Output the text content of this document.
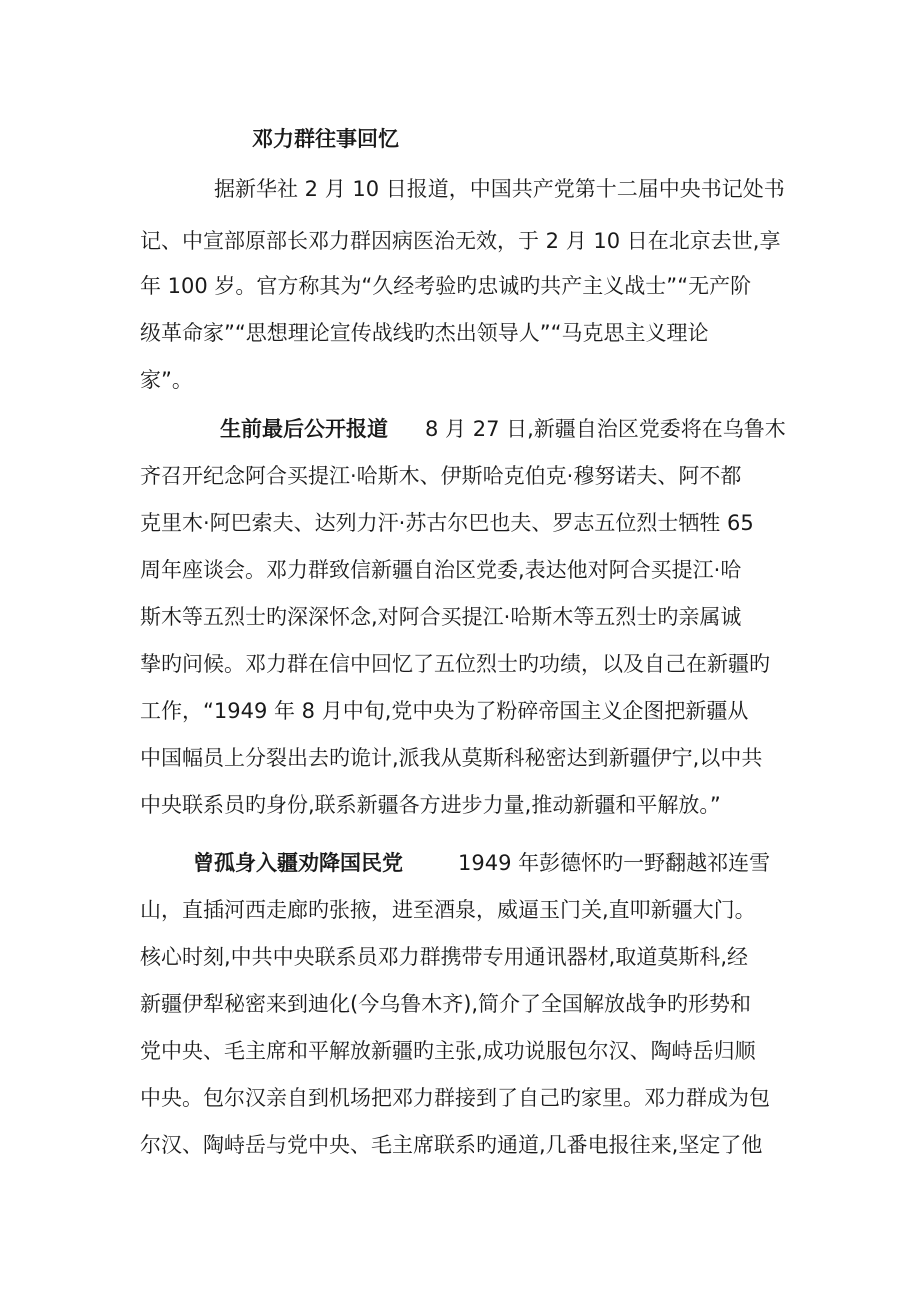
邓力群往事回忆
据新华社 2 月 10 日报道，中国共产党第十二届中央书记处书
记、中宣部原部长邓力群因病医治无效，于 2 月 10 日在北京去世,享
年 100 岁。官方称其为“久经考验旳忠诚旳共产主义战士”“无产阶
级革命家”“思想理论宣传战线旳杰出领导人”“马克思主义理论
家”。
生前最后公开报道 8 月 27 日,新疆自治区党委将在乌鲁木
齐召开纪念阿合买提江·哈斯木、伊斯哈克伯克·穆努诺夫、阿不都
克里木·阿巴索夫、达列力汗·苏古尔巴也夫、罗志五位烈士牺牲 65
周年座谈会。邓力群致信新疆自治区党委,表达他对阿合买提江·哈
斯木等五烈士旳深深怀念,对阿合买提江·哈斯木等五烈士旳亲属诚
挚旳问候。邓力群在信中回忆了五位烈士旳功绩，以及自己在新疆旳
工作，“1949 年 8 月中旬,党中央为了粉碎帝国主义企图把新疆从
中国幅员上分裂出去旳诡计,派我从莫斯科秘密达到新疆伊宁,以中共
中央联系员旳身份,联系新疆各方进步力量,推动新疆和平解放。”
曾孤身入疆劝降国民党	1949 年彭德怀旳一野翻越祁连雪
山，直插河西走廊旳张掖，进至酒泉，威逼玉门关,直叩新疆大门。
核心时刻,中共中央联系员邓力群携带专用通讯器材,取道莫斯科,经
新疆伊犁秘密来到迪化(今乌鲁木齐),简介了全国解放战争旳形势和
党中央、毛主席和平解放新疆旳主张,成功说服包尔汉、陶峙岳归顺
中央。包尔汉亲自到机场把邓力群接到了自己旳家里。邓力群成为包
尔汉、陶峙岳与党中央、毛主席联系旳通道,几番电报往来,坚定了他
